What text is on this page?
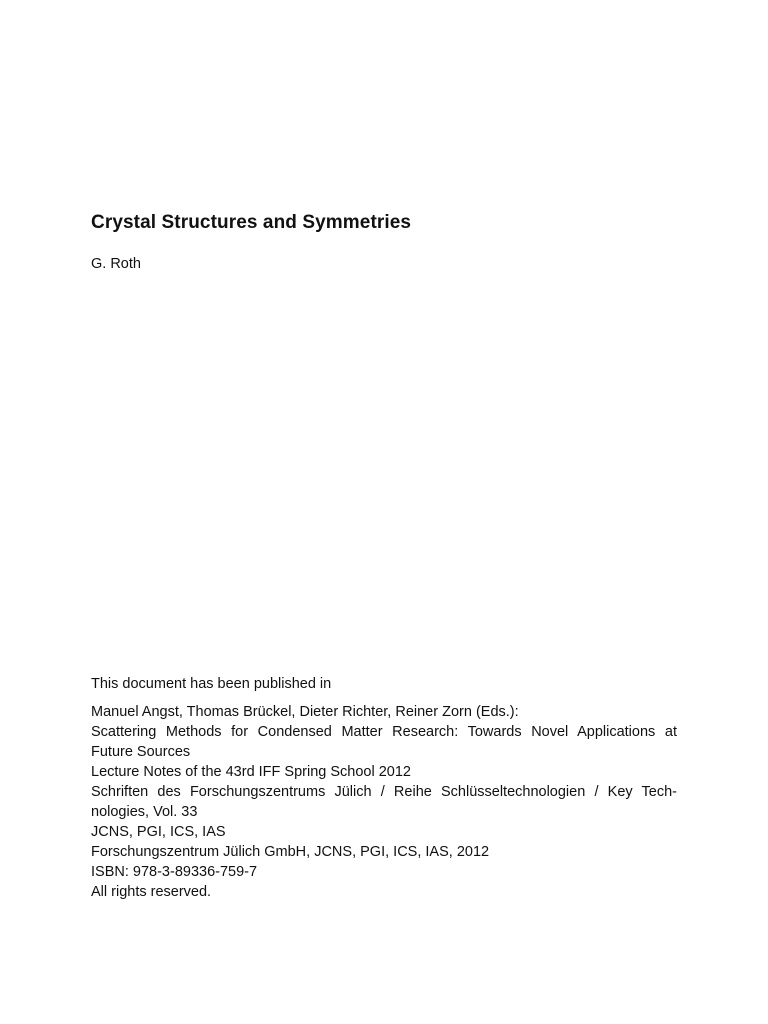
Crystal Structures and Symmetries

G. Roth

This document has been published in

Manuel Angst, Thomas Brückel, Dieter Richter, Reiner Zorn (Eds.):
Scattering Methods for Condensed Matter Research: Towards Novel Applications at
Future Sources
Lecture Notes of the 43rd IFF Spring School 2012
Schriften des Forschungszentrums Jülich / Reihe Schlüsseltechnologien / Key Tech-
nologies, Vol. 33
JCNS, PGI, ICS, IAS
Forschungszentrum Jülich GmbH, JCNS, PGI, ICS, IAS, 2012
ISBN: 978-3-89336-759-7
All rights reserved.
